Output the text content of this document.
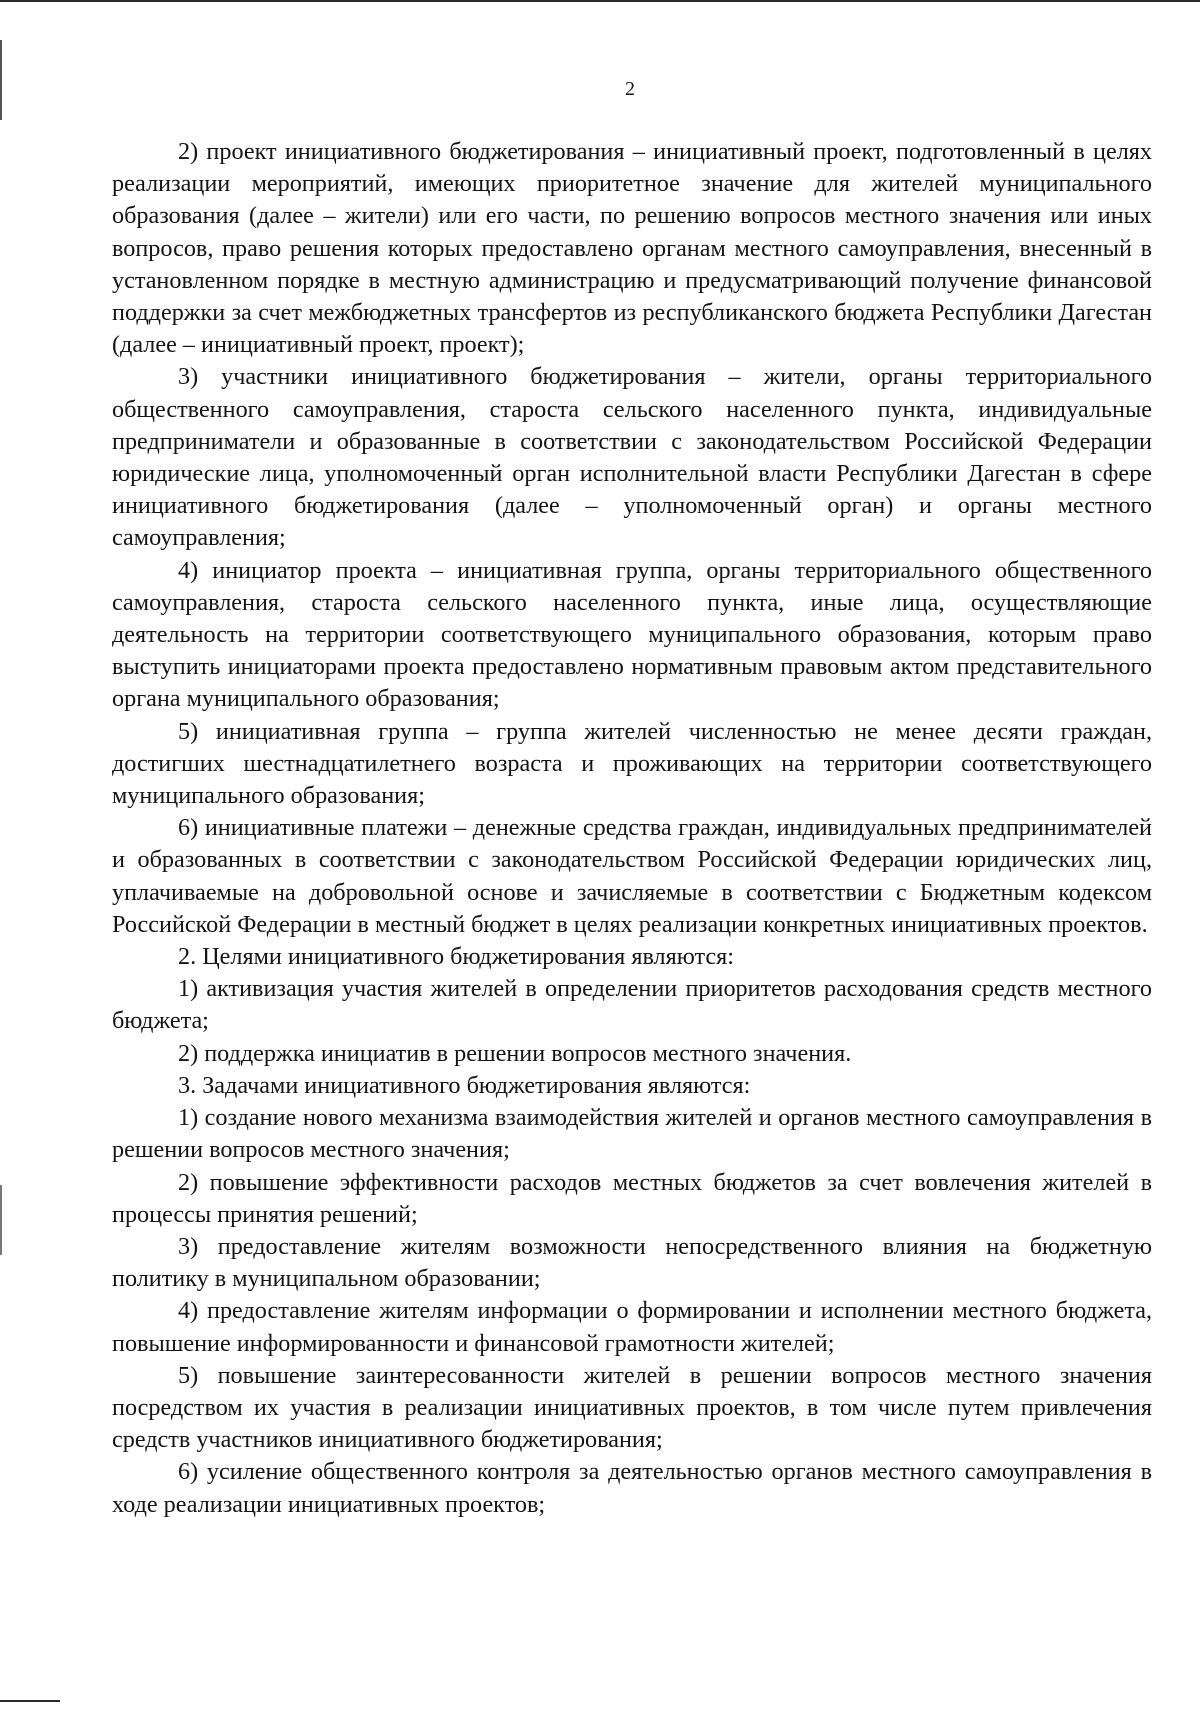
2

2) проект инициативного бюджетирования – инициативный проект, подготовленный в целях реализации мероприятий, имеющих приоритетное значение для жителей муниципального образования (далее – жители) или его части, по решению вопросов местного значения или иных вопросов, право решения которых предоставлено органам местного самоуправления, внесенный в установленном порядке в местную администрацию и предусматривающий получение финансовой поддержки за счет межбюджетных трансфертов из республиканского бюджета Республики Дагестан (далее – инициативный проект, проект);

3) участники инициативного бюджетирования – жители, органы территориального общественного самоуправления, староста сельского населенного пункта, индивидуальные предприниматели и образованные в соответствии с законодательством Российской Федерации юридические лица, уполномоченный орган исполнительной власти Республики Дагестан в сфере инициативного бюджетирования (далее – уполномоченный орган) и органы местного самоуправления;

4) инициатор проекта – инициативная группа, органы территориального общественного самоуправления, староста сельского населенного пункта, иные лица, осуществляющие деятельность на территории соответствующего муниципального образования, которым право выступить инициаторами проекта предоставлено нормативным правовым актом представительного органа муниципального образования;

5) инициативная группа – группа жителей численностью не менее десяти граждан, достигших шестнадцатилетнего возраста и проживающих на территории соответствующего муниципального образования;

6) инициативные платежи – денежные средства граждан, индивидуальных предпринимателей и образованных в соответствии с законодательством Российской Федерации юридических лиц, уплачиваемые на добровольной основе и зачисляемые в соответствии с Бюджетным кодексом Российской Федерации в местный бюджет в целях реализации конкретных инициативных проектов.

2. Целями инициативного бюджетирования являются:

1) активизация участия жителей в определении приоритетов расходования средств местного бюджета;

2) поддержка инициатив в решении вопросов местного значения.

3. Задачами инициативного бюджетирования являются:

1) создание нового механизма взаимодействия жителей и органов местного самоуправления в решении вопросов местного значения;

2) повышение эффективности расходов местных бюджетов за счет вовлечения жителей в процессы принятия решений;

3) предоставление жителям возможности непосредственного влияния на бюджетную политику в муниципальном образовании;

4) предоставление жителям информации о формировании и исполнении местного бюджета, повышение информированности и финансовой грамотности жителей;

5) повышение заинтересованности жителей в решении вопросов местного значения посредством их участия в реализации инициативных проектов, в том числе путем привлечения средств участников инициативного бюджетирования;

6) усиление общественного контроля за деятельностью органов местного самоуправления в ходе реализации инициативных проектов;
